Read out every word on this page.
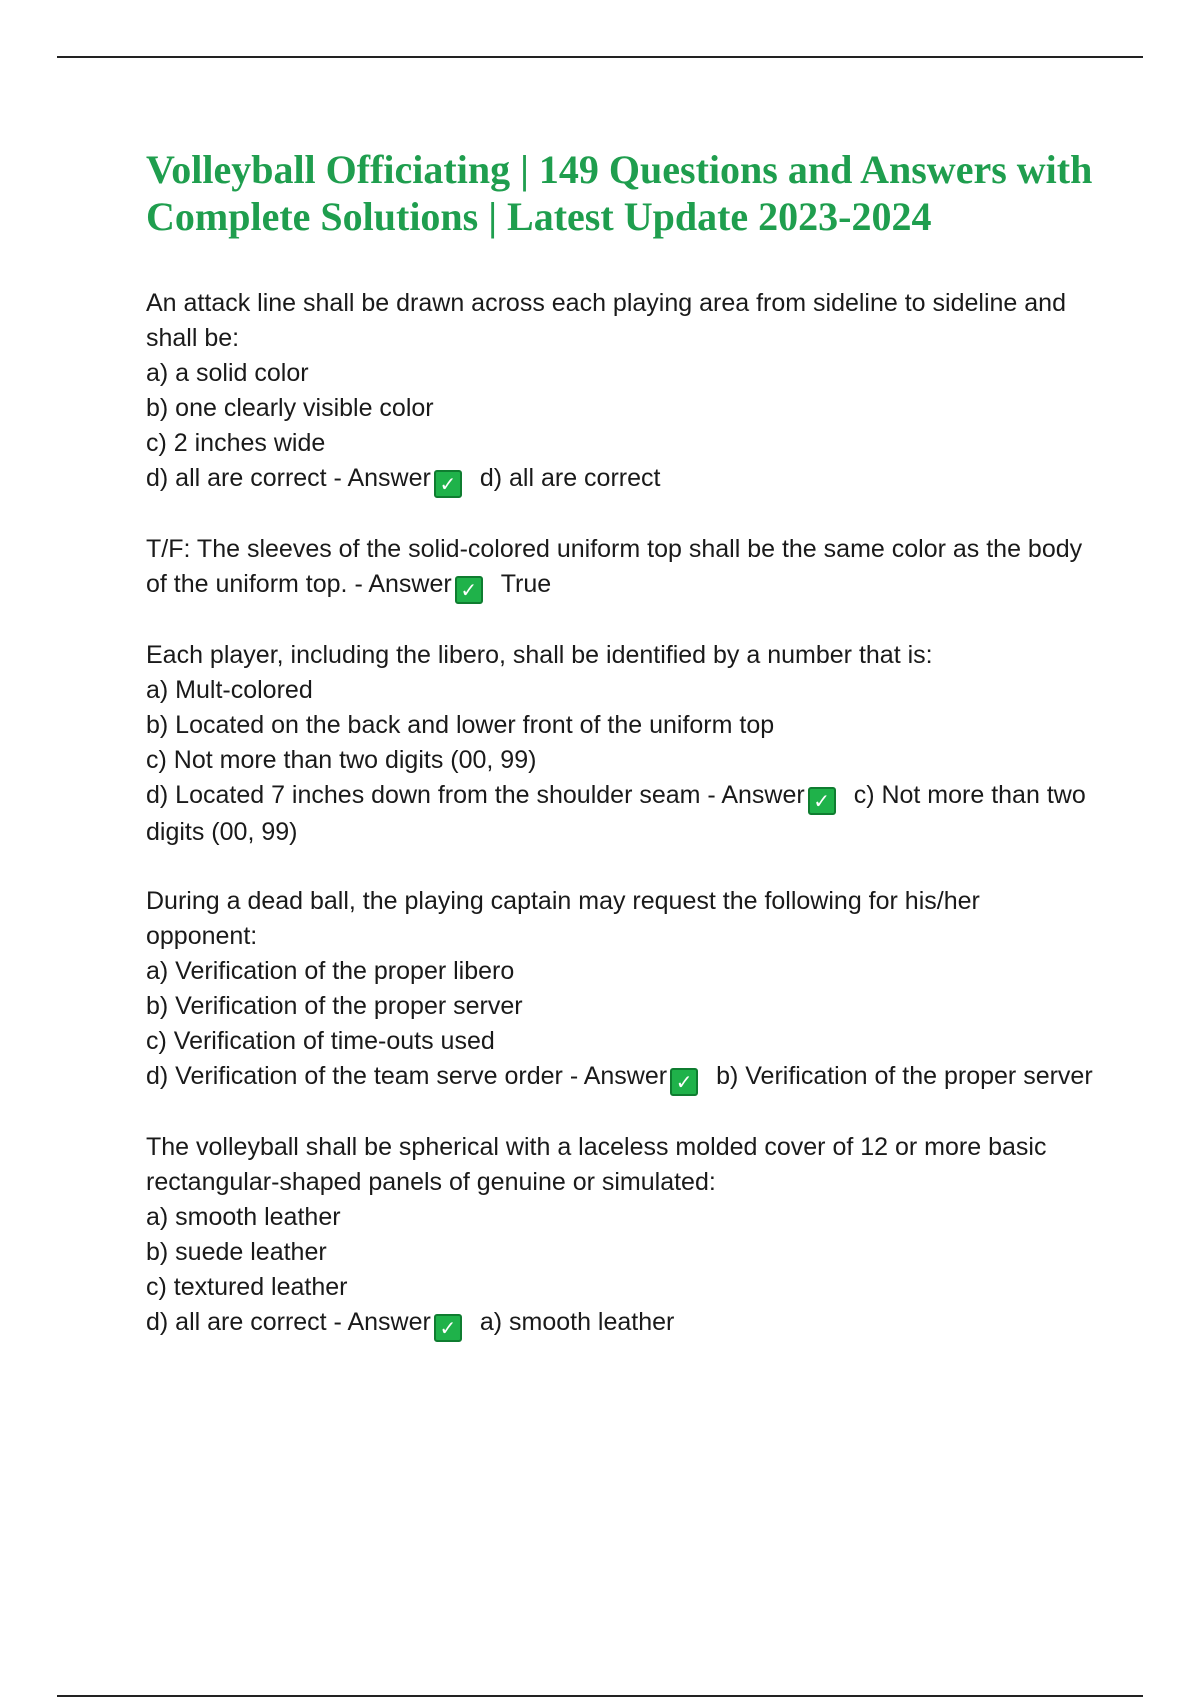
Volleyball Officiating | 149 Questions and Answers with Complete Solutions | Latest Update 2023-2024

An attack line shall be drawn across each playing area from sideline to sideline and shall be:

a) a solid color

b) one clearly visible color

c) 2 inches wide

d) all are correct - Answer ✓ d) all are correct

T/F: The sleeves of the solid-colored uniform top shall be the same color as the body of the uniform top. - Answer ✓ True

Each player, including the libero, shall be identified by a number that is:

a) Mult-colored

b) Located on the back and lower front of the uniform top

c) Not more than two digits (00, 99)

d) Located 7 inches down from the shoulder seam - Answer ✓ c) Not more than two digits (00, 99)

During a dead ball, the playing captain may request the following for his/her opponent:

a) Verification of the proper libero

b) Verification of the proper server

c) Verification of time-outs used

d) Verification of the team serve order - Answer ✓ b) Verification of the proper server

The volleyball shall be spherical with a laceless molded cover of 12 or more basic rectangular-shaped panels of genuine or simulated:

a) smooth leather

b) suede leather

c) textured leather

d) all are correct - Answer ✓ a) smooth leather
